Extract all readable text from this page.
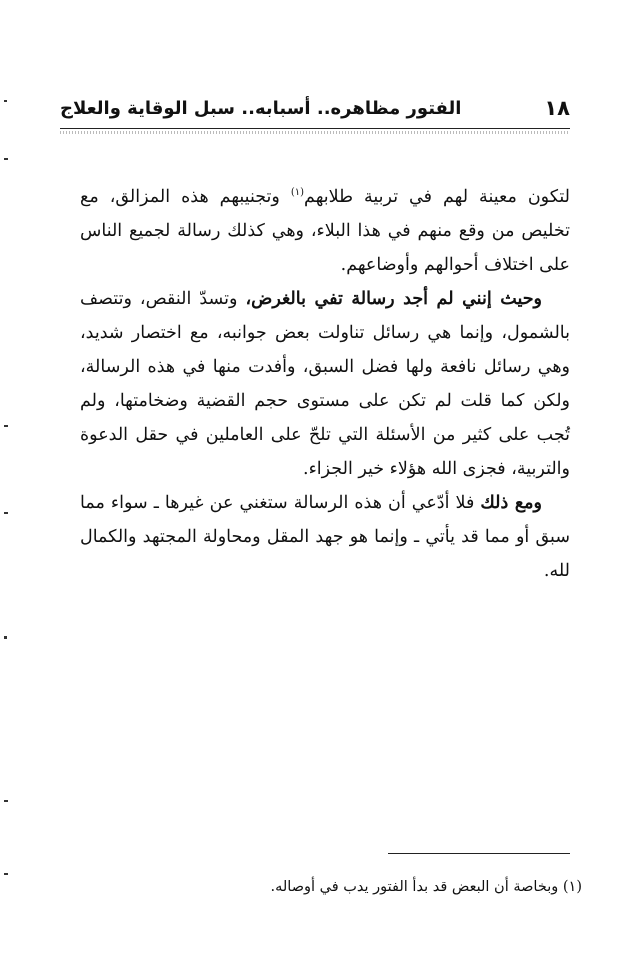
١٨
الفتور مظاهره.. أسبابه.. سبل الوقاية والعلاج

لتكون معينة لهم في تربية طلابهم$^{(١)}$ وتجنيبهم هذه المزالق، مع تخليص من وقع منهم في هذا البلاء، وهي كذلك رسالة لجميع الناس على اختلاف أحوالهم وأوضاعهم.

وحيث إنني لم أجد رسالة تفي بالغرض، وتسدّ النقص، وتتصف بالشمول، وإنما هي رسائل تناولت بعض جوانبه، مع اختصار شديد، وهي رسائل نافعة ولها فضل السبق، وأفدت منها في هذه الرسالة، ولكن كما قلت لم تكن على مستوى حجم القضية وضخامتها، ولم تُجب على كثير من الأسئلة التي تلحّ على العاملين في حقل الدعوة والتربية، فجزى الله هؤلاء خير الجزاء.

ومع ذلك فلا أدّعي أن هذه الرسالة ستغني عن غيرها ـ سواء مما سبق أو مما قد يأتي ـ وإنما هو جهد المقل ومحاولة المجتهد والكمال لله.

(١) وبخاصة أن البعض قد بدأ الفتور يدب في أوصاله.
